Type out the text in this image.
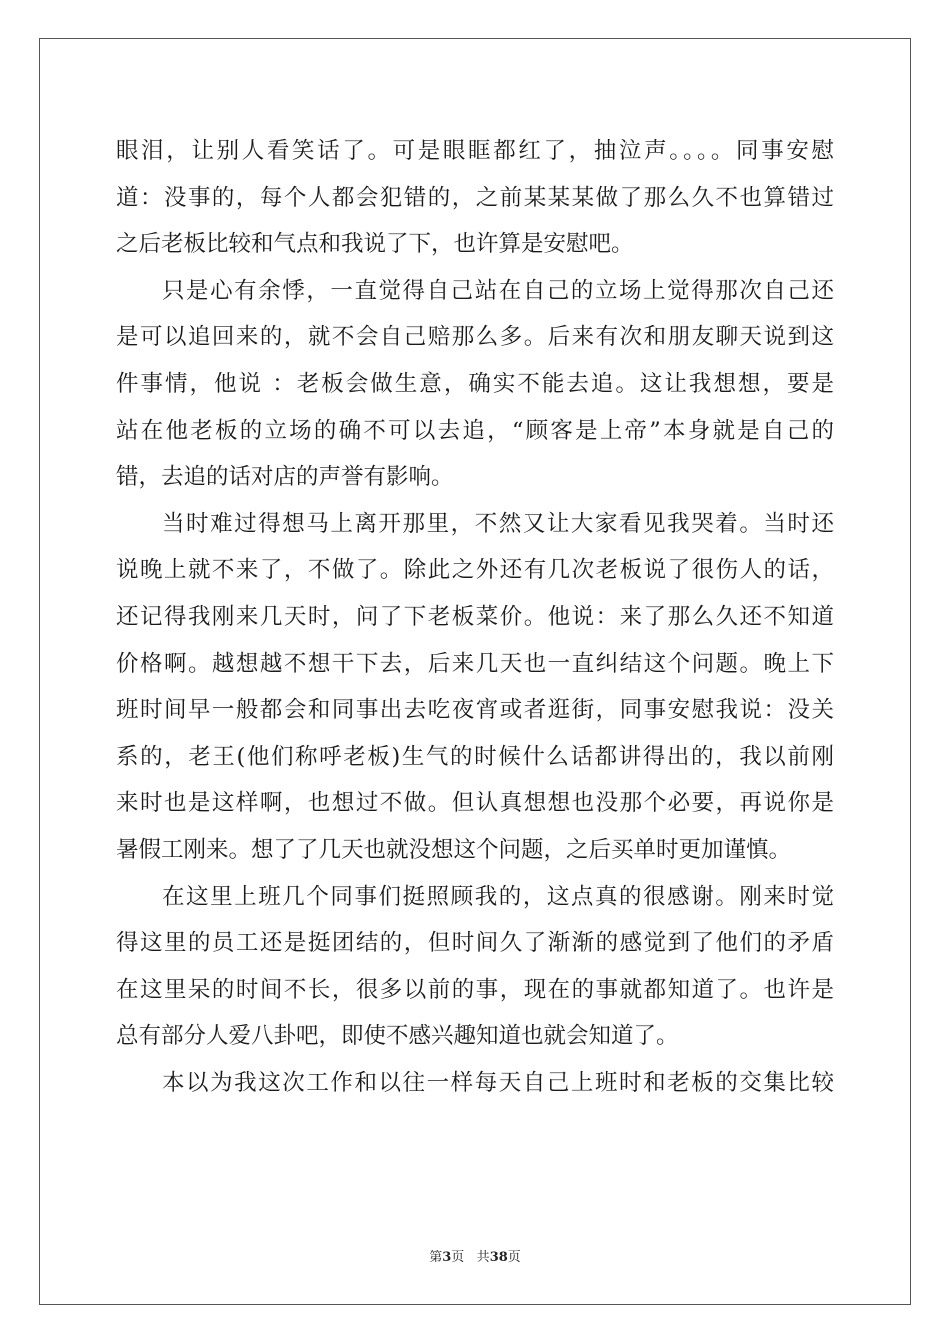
眼泪，让别人看笑话了。可是眼眶都红了，抽泣声。。。。同事安慰
道：没事的，每个人都会犯错的，之前某某某做了那么久不也算错过
之后老板比较和气点和我说了下，也许算是安慰吧。
只是心有余悸，一直觉得自己站在自己的立场上觉得那次自己还
是可以追回来的，就不会自己赔那么多。后来有次和朋友聊天说到这
件事情，他说 ：老板会做生意，确实不能去追。这让我想想，要是
站在他老板的立场的确不可以去追，“顾客是上帝”本身就是自己的
错，去追的话对店的声誉有影响。
当时难过得想马上离开那里，不然又让大家看见我哭着。当时还
说晚上就不来了，不做了。除此之外还有几次老板说了很伤人的话，
还记得我刚来几天时，问了下老板菜价。他说：来了那么久还不知道
价格啊。越想越不想干下去，后来几天也一直纠结这个问题。晚上下
班时间早一般都会和同事出去吃夜宵或者逛街，同事安慰我说：没关
系的，老王(他们称呼老板)生气的时候什么话都讲得出的，我以前刚
来时也是这样啊，也想过不做。但认真想想也没那个必要，再说你是
暑假工刚来。想了了几天也就没想这个问题，之后买单时更加谨慎。
在这里上班几个同事们挺照顾我的，这点真的很感谢。刚来时觉
得这里的员工还是挺团结的，但时间久了渐渐的感觉到了他们的矛盾
在这里呆的时间不长，很多以前的事，现在的事就都知道了。也许是
总有部分人爱八卦吧，即使不感兴趣知道也就会知道了。
本以为我这次工作和以往一样每天自己上班时和老板的交集比较
第3页 共38页
